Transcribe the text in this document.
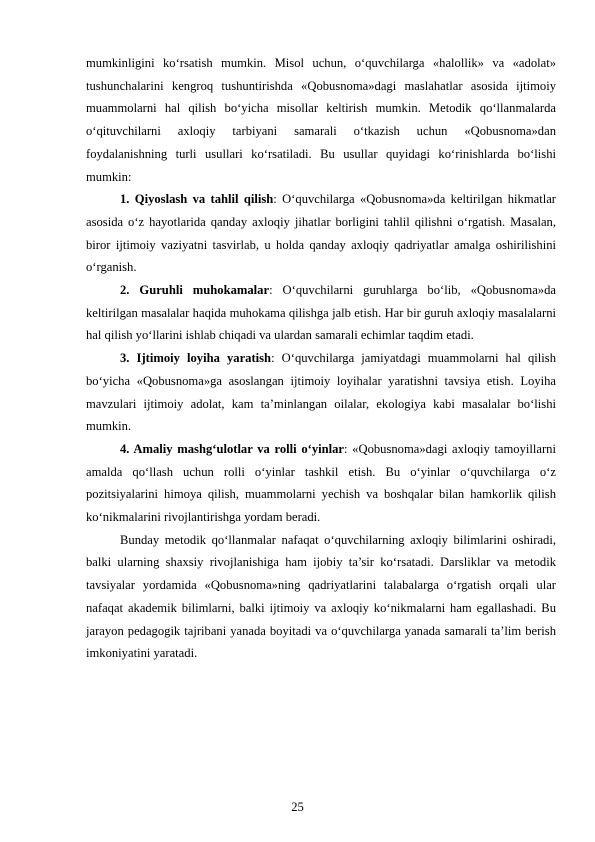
mumkinligini ko‘rsatish mumkin. Misol uchun, o‘quvchilarga «halollik» va «adolat» tushunchalarini kengroq tushuntirishda «Qobusnoma»dagi maslahatlar asosida ijtimoiy muammolarni hal qilish bo‘yicha misollar keltirish mumkin. Metodik qo‘llanmalarda o‘qituvchilarni axloqiy tarbiyani samarali o‘tkazish uchun «Qobusnoma»dan foydalanishning turli usullari ko‘rsatiladi. Bu usullar quyidagi ko‘rinishlarda bo‘lishi mumkin:

1. Qiyoslash va tahlil qilish: O‘quvchilarga «Qobusnoma»da keltirilgan hikmatlar asosida o‘z hayotlarida qanday axloqiy jihatlar borligini tahlil qilishni o‘rgatish. Masalan, biror ijtimoiy vaziyatni tasvirlab, u holda qanday axloqiy qadriyatlar amalga oshirilishini o‘rganish.

2. Guruhli muhokamalar: O‘quvchilarni guruhlarga bo‘lib, «Qobusnoma»da keltirilgan masalalar haqida muhokama qilishga jalb etish. Har bir guruh axloqiy masalalarni hal qilish yo‘llarini ishlab chiqadi va ulardan samarali echimlar taqdim etadi.

3. Ijtimoiy loyiha yaratish: O‘quvchilarga jamiyatdagi muammolarni hal qilish bo‘yicha «Qobusnoma»ga asoslangan ijtimoiy loyihalar yaratishni tavsiya etish. Loyiha mavzulari ijtimoiy adolat, kam ta’minlangan oilalar, ekologiya kabi masalalar bo‘lishi mumkin.

4. Amaliy mashg‘ulotlar va rolli o‘yinlar: «Qobusnoma»dagi axloqiy tamoyillarni amalda qo‘llash uchun rolli o‘yinlar tashkil etish. Bu o‘yinlar o‘quvchilarga o‘z pozitsiyalarini himoya qilish, muammolarni yechish va boshqalar bilan hamkorlik qilish ko‘nikmalarini rivojlantirishga yordam beradi.

Bunday metodik qo‘llanmalar nafaqat o‘quvchilarning axloqiy bilimlarini oshiradi, balki ularning shaxsiy rivojlanishiga ham ijobiy ta’sir ko‘rsatadi. Darsliklar va metodik tavsiyalar yordamida «Qobusnoma»ning qadriyatlarini talabalarga o‘rgatish orqali ular nafaqat akademik bilimlarni, balki ijtimoiy va axloqiy ko‘nikmalarni ham egallashadi. Bu jarayon pedagogik tajribani yanada boyitadi va o‘quvchilarga yanada samarali ta’lim berish imkoniyatini yaratadi.

25
